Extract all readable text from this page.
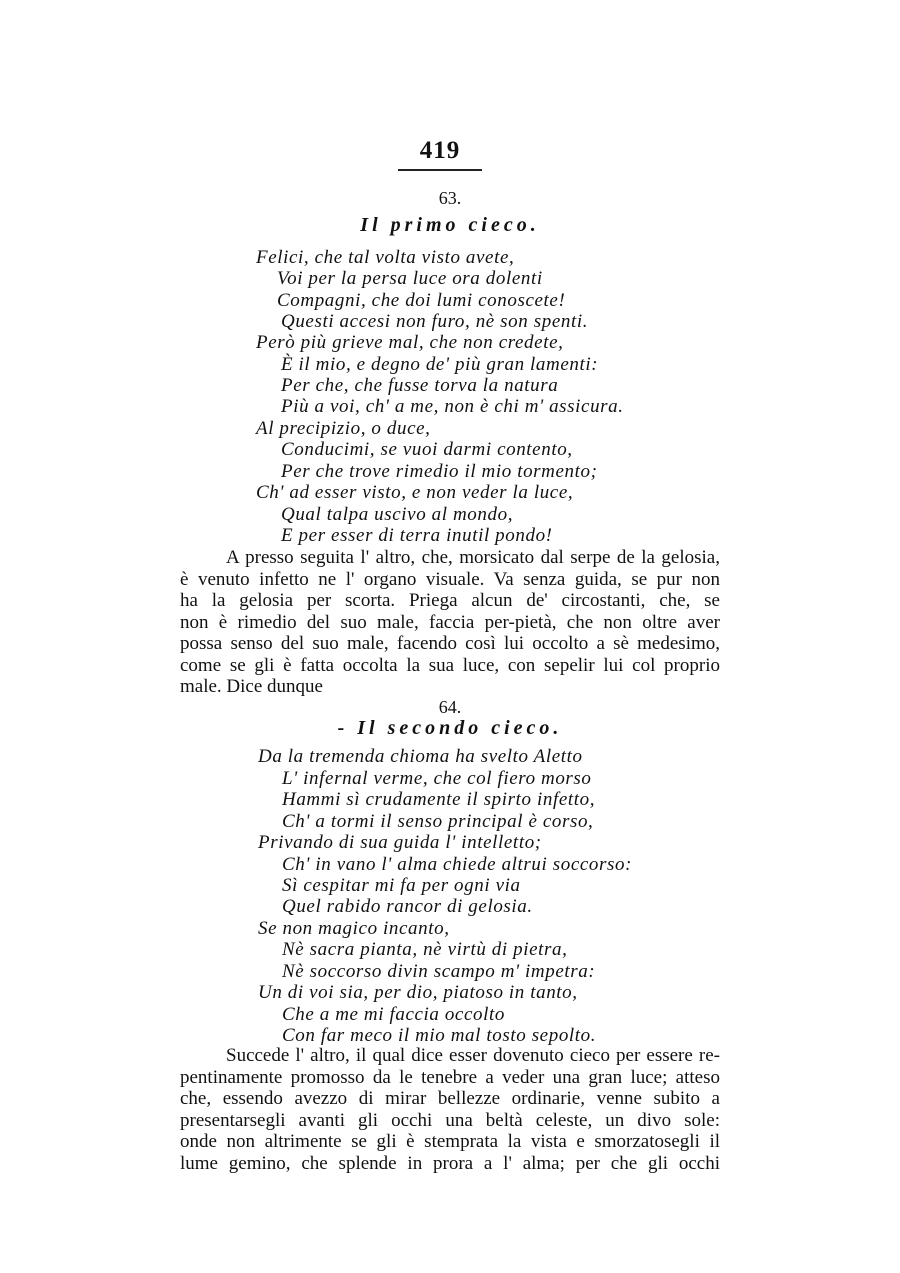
419
63.
Il primo cieco.
Felici, che tal volta visto avete,
Voi per la persa luce ora dolenti
Compagni, che doi lumi conoscete!
Questi accesi non furo, nè son spenti.
Però più grieve mal, che non credete,
È il mio, e degno de' più gran lamenti:
Per che, che fusse torva la natura
Più a voi, ch' a me, non è chi m' assicura.
Al precipizio, o duce,
Conducimi, se vuoi darmi contento,
Per che trove rimedio il mio tormento;
Ch' ad esser visto, e non veder la luce,
Qual talpa uscivo al mondo,
E per esser di terra inutil pondo!

A presso seguita l' altro, che, morsicato dal serpe de la gelosia,
è venuto infetto ne l' organo visuale. Va senza guida, se pur non
ha la gelosia per scorta. Priega alcun de' circostanti, che, se
non è rimedio del suo male, faccia per-pietà, che non oltre aver
possa senso del suo male, facendo così lui occolto a sè medesimo,
come se gli è fatta occolta la sua luce, con sepelir lui col proprio
male. Dice dunque

64.
- Il secondo cieco.
Da la tremenda chioma ha svelto Aletto
L' infernal verme, che col fiero morso
Hammi sì crudamente il spirto infetto,
Ch' a tormi il senso principal è corso,
Privando di sua guida l' intelletto;
Ch' in vano l' alma chiede altrui soccorso:
Sì cespitar mi fa per ogni via
Quel rabido rancor di gelosia.
Se non magico incanto,
Nè sacra pianta, nè virtù di pietra,
Nè soccorso divin scampo m' impetra:
Un di voi sia, per dio, piatoso in tanto,
Che a me mi faccia occolto
Con far meco il mio mal tosto sepolto.

Succede l' altro, il qual dice esser dovenuto cieco per essere re-
pentinamente promosso da le tenebre a veder una gran luce; atteso
che, essendo avezzo di mirar bellezze ordinarie, venne subito a
presentarsegli avanti gli occhi una beltà celeste, un divo sole:
onde non altrimente se gli è stemprata la vista e smorzatosegli il
lume gemino, che splende in prora a l' alma; per che gli occhi
